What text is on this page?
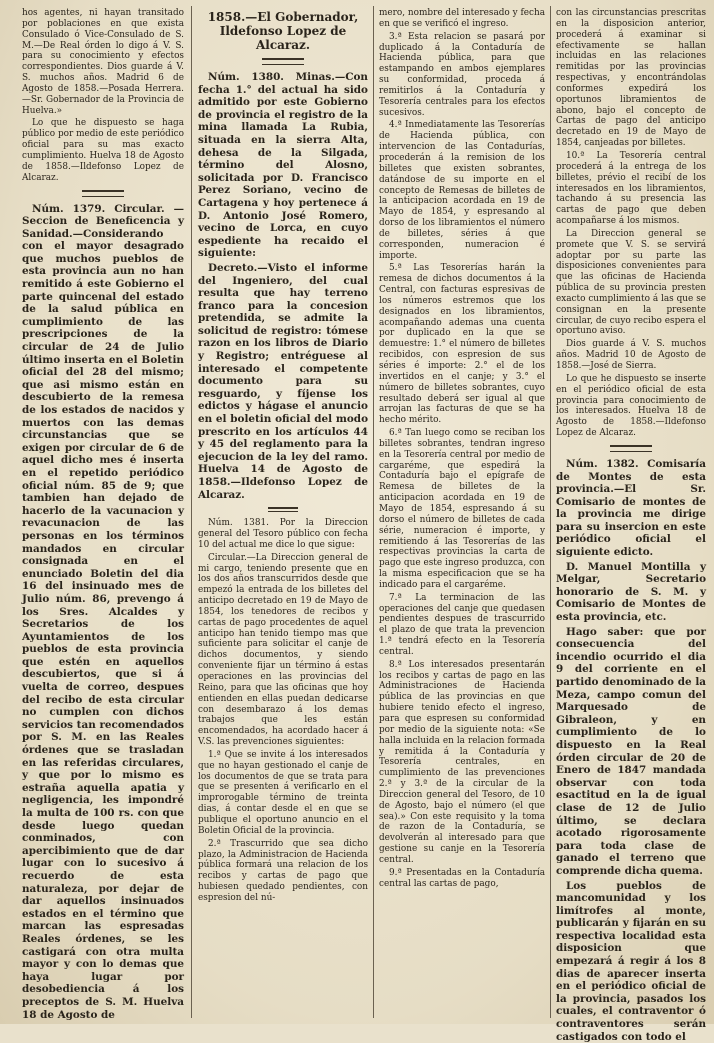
hos agentes, ni hayan transitado por poblaciones en que exista Consulado ó Vice-Consulado de S. M.—De Real órden lo digo á V. S. para su conocimiento y efectos correspondientes. Dios guarde á V. S. muchos años. Madrid 6 de Agosto de 1858.—Posada Herrera.—Sr. Gobernador de la Provincia de Huelva.»

Lo que he dispuesto se haga público por medio de este periódico oficial para su mas exacto cumplimiento. Huelva 18 de Agosto de 1858.—Ildefonso Lopez de Alcaraz.

Núm. 1379. Circular. —Seccion de Beneficencia y Sanidad.—Considerando con el mayor desagrado que muchos pueblos de esta provincia aun no han remitido á este Gobierno el parte quincenal del estado de la salud pública en cumplimiento de las prescripciones de la circular de 24 de Julio último inserta en el Boletin oficial del 28 del mismo; que asi mismo están en descubierto de la remesa de los estados de nacidos y muertos con las demas circunstancias que se exigen por circular de 6 de aquel dicho mes é inserta en el repetido periódico oficial núm. 85 de 9; que tambien han dejado de hacerlo de la vacunacion y revacunacion de las personas en los términos mandados en circular consignada en el enunciado Boletin del dia 16 del insinuado mes de Julio núm. 86, prevengo á los Sres. Alcaldes y Secretarios de los Ayuntamientos de los pueblos de esta provincia que estén en aquellos descubiertos, que si á vuelta de correo, despues del recibo de esta circular no cumplen con dichos servicios tan recomendados por S. M. en las Reales órdenes que se trasladan en las referidas circulares, y que por lo mismo es estraña aquella apatia y negligencia, les impondré la multa de 100 rs. con que desde luego quedan conminados, con apercibimiento que de dar lugar con lo sucesivo á recuerdo de esta naturaleza, por dejar de dar aquellos insinuados estados en el término que marcan las espresadas Reales órdenes, se les castigará con otra multa mayor y con lo demas que haya lugar por desobediencia á los preceptos de S. M. Huelva 18 de Agosto de

1858.—El Gobernador, Ildefonso Lopez de Alcaraz.

Núm. 1380. Minas.—Con fecha 1.° del actual ha sido admitido por este Gobierno de provincia el registro de la mina llamada La Rubia, situada en la sierra Alta, dehesa de la Silgada, término del Alosno, solicitada por D. Francisco Perez Soriano, vecino de Cartagena y hoy pertenece á D. Antonio José Romero, vecino de Lorca, en cuyo espediente ha recaido el siguiente:

Decreto.—Visto el informe del Ingeniero, del cual resulta que hay terreno franco para la concesion pretendida, se admite la solicitud de registro: tómese razon en los libros de Diario y Registro; entréguese al interesado el competente documento para su resguardo, y fíjense los edictos y hágase el anuncio en el boletin oficial del modo prescrito en los artículos 44 y 45 del reglamento para la ejecucion de la ley del ramo. Huelva 14 de Agosto de 1858.—Ildefonso Lopez de Alcaraz.

Núm. 1381. Por la Direccion general del Tesoro público con fecha 10 del actual me dice lo que sigue:

Circular.—La Direccion general de mi cargo, teniendo presente que en los dos años transcurridos desde que empezó la entrada de los billetes del anticipo decretado en 19 de Mayo de 1854, los tenedores de recibos y cartas de pago procedentes de aquel anticipo han tenido tiempo mas que suficiente para solicitar el canje de dichos documentos, y siendo conveniente fijar un término á estas operaciones en las provincias del Reino, para que las oficinas que hoy entienden en ellas puedan dedicarse con desembarazo á los demas trabajos que les están encomendados, ha acordado hacer á V.S. las prevenciones siguientes:

1.ª Que se invite á los interesados que no hayan gestionado el canje de los documentos de que se trata para que se presenten á verificarlo en el improrogable término de treinta dias, á contar desde el en que se publique el oportuno anuncio en el Boletin Oficial de la provincia.

2.ª Trascurrido que sea dicho plazo, la Administracion de Hacienda pública formará una relacion de los recibos y cartas de pago que hubiesen quedado pendientes, con espresion del nú-

mero, nombre del interesado y fecha en que se verificó el ingreso.

3.ª Esta relacion se pasará por duplicado á la Contaduría de Hacienda pública, para que estampando en ambos ejemplares su conformidad, proceda á remitirlos á la Contaduría y Tesorería centrales para los efectos sucesivos.

4.ª Inmediatamente las Tesorerías de Hacienda pública, con intervencion de las Contadurías, procederán á la remision de los billetes que existen sobrantes, datándose de su importe en el concepto de Remesas de billetes de la anticipacion acordada en 19 de Mayo de 1854, y espresando al dorso de los libramientos el número de billetes, séries á que corresponden, numeracion é importe.

5.ª Las Tesorerías harán la remesa de dichos documentos á la Central, con facturas espresivas de los números estremos que los designados en los libramientos, acompañando ademas una cuenta por duplicado en la que se demuestre: 1.° el número de billetes recibidos, con espresion de sus séries é importe: 2.° el de los invertidos en el canje; y 3.° el número de billetes sobrantes, cuyo resultado deberá ser igual al que arrojan las facturas de que se ha hecho mérito.

6.ª Tan luego como se reciban los billetes sobrantes, tendran ingreso en la Tesorería central por medio de cargaréme, que espedirá la Contaduría bajo el epígrafe de Remesa de billetes de la anticipacion acordada en 19 de Mayo de 1854, espresando á su dorso el número de billetes de cada série, numeracion é importe, y remitiendo á las Tesorerías de las respectivas provincias la carta de pago que este ingreso produzca, con la misma especificacion que se ha indicado para el cargaréme.

7.ª La terminacion de las operaciones del canje que quedasen pendientes despues de trascurrido el plazo de que trata la prevencion 1.ª tendrá efecto en la Tesorería central.

8.ª Los interesados presentarán los recibos y cartas de pago en las Administraciones de Hacienda pública de las provincias en que hubiere tenido efecto el ingreso, para que espresen su conformidad por medio de la siguiente nota: «Se halla incluida en la relacion formada y remitida á la Contaduría y Tesorería centrales, en cumplimiento de las prevenciones 2.ª y 3.ª de la circular de la Direccion general del Tesoro, de 10 de Agosto, bajo el número (el que sea).» Con este requisito y la toma de razon de la Contaduría, se devolverán al interesado para que gestione su canje en la Tesorería central.

9.ª Presentadas en la Contaduría central las cartas de pago,

con las circunstancias prescritas en la disposicion anterior, procederá á examinar si efectivamente se hallan incluidas en las relaciones remitidas por las provincias respectivas, y encontrándolas conformes expedirá los oportunos libramientos de abono, bajo el concepto de Cartas de pago del anticipo decretado en 19 de Mayo de 1854, canjeadas por billetes.

10.ª La Tesorería central procederá á la entrega de los billetes, prévio el recibí de los interesados en los libramientos, tachando á su presencia las cartas de pago que deben acompañarse á los mismos.

La Direccion general se promete que V. S. se servirá adoptar por su parte las disposiciones convenientes para que las oficinas de Hacienda pública de su provincia presten exacto cumplimiento á las que se consignan en la presente circular, de cuyo recibo espera el oportuno aviso.

Dios guarde á V. S. muchos años. Madrid 10 de Agosto de 1858.—José de Sierra.

Lo que he dispuesto se inserte en el periódico oficial de esta provincia para conocimiento de los interesados. Huelva 18 de Agosto de 1858.—Ildefonso Lopez de Alcaraz.

Núm. 1382. Comisaría de Montes de esta provincia.—El Sr. Comisario de montes de la provincia me dirige para su insercion en este periódico oficial el siguiente edicto.

D. Manuel Montilla y Melgar, Secretario honorario de S. M. y Comisario de Montes de esta provincia, etc.

Hago saber: que por consecuencia del incendio ocurrido el dia 9 del corriente en el partido denominado de la Meza, campo comun del Marquesado de Gibraleon, y en cumplimiento de lo dispuesto en la Real órden circular de 20 de Enero de 1847 mandada observar con toda esactitud en la de igual clase de 12 de Julio último, se declara acotado rigorosamente para toda clase de ganado el terreno que comprende dicha quema.

Los pueblos de mancomunidad y los limítrofes al monte, publicarán y fijarán en su respectiva localidad esta disposicion que empezará á regir á los 8 dias de aparecer inserta en el periódico oficial de la provincia, pasados los cuales, el contraventor ó contraventores serán castigados con todo el
